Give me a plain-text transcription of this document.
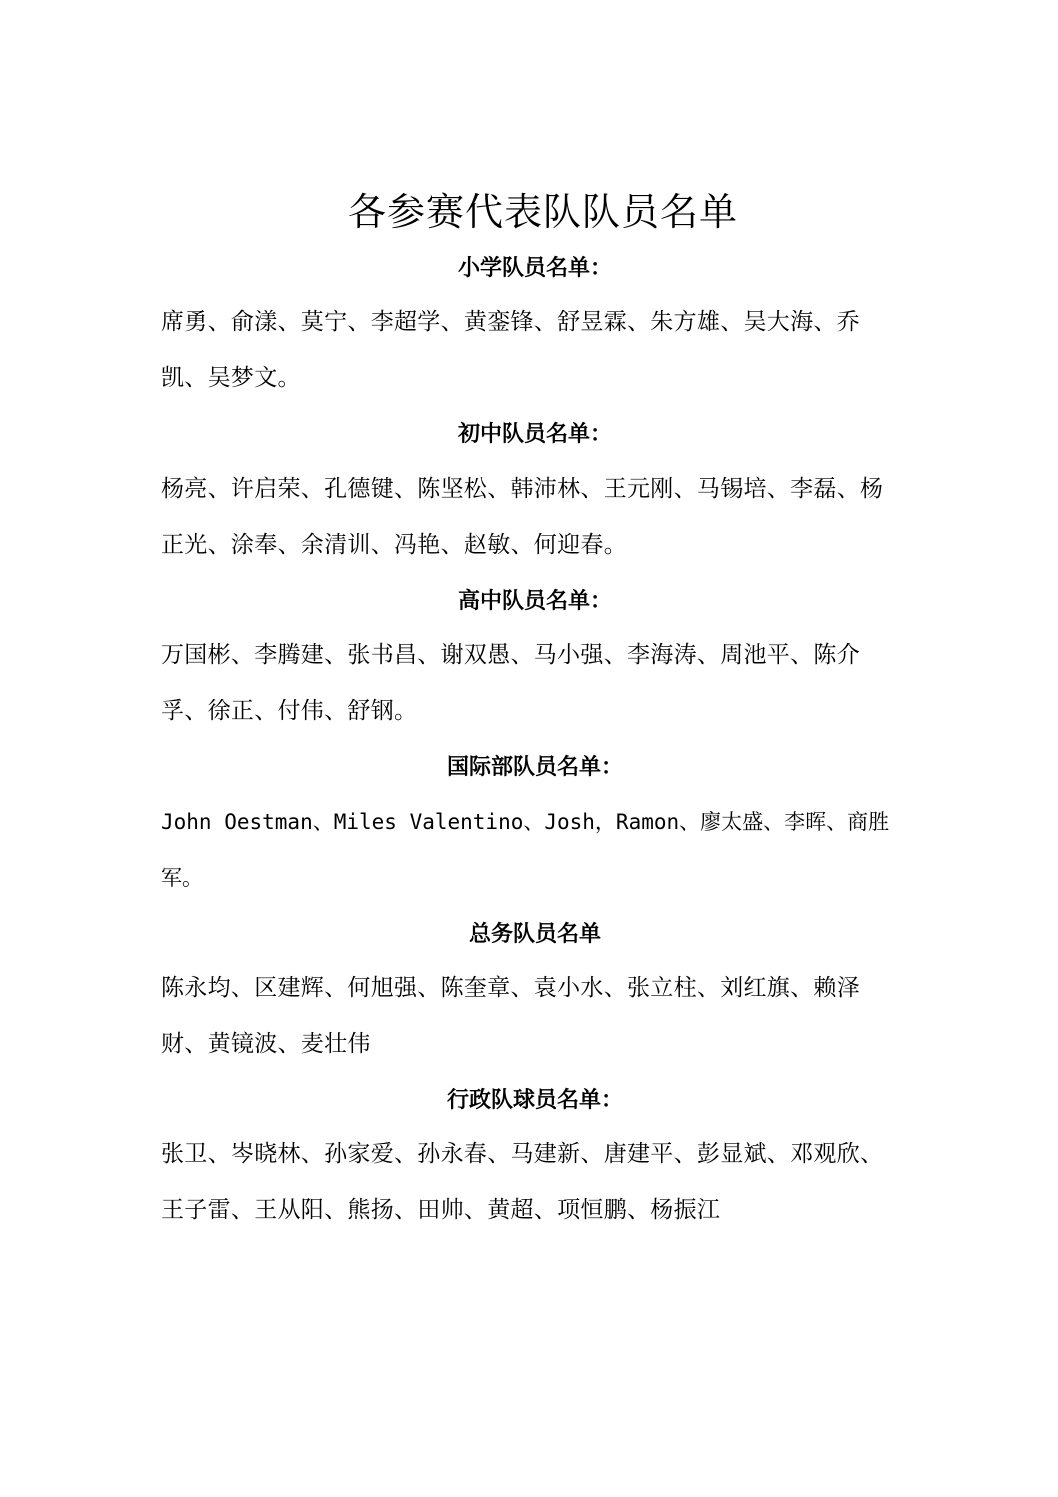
各参赛代表队队员名单
小学队员名单：
席勇、俞漾、莫宁、李超学、黄銮锋、舒昱霖、朱方雄、吴大海、乔凯、吴梦文。
初中队员名单：
杨亮、许启荣、孔德键、陈坚松、韩沛林、王元刚、马锡培、李磊、杨正光、涂奉、余清训、冯艳、赵敏、何迎春。
高中队员名单：
万国彬、李腾建、张书昌、谢双愚、马小强、李海涛、周池平、陈介孚、徐正、付伟、舒钢。
国际部队员名单：
John Oestman、Miles Valentino、Josh，Ramon、廖太盛、李晖、商胜军。
总务队员名单
陈永均、区建辉、何旭强、陈奎章、袁小水、张立柱、刘红旗、赖泽财、黄镜波、麦壮伟
行政队球员名单：
张卫、岑晓林、孙家爱、孙永春、马建新、唐建平、彭显斌、邓观欣、王子雷、王从阳、熊扬、田帅、黄超、项恒鹏、杨振江
